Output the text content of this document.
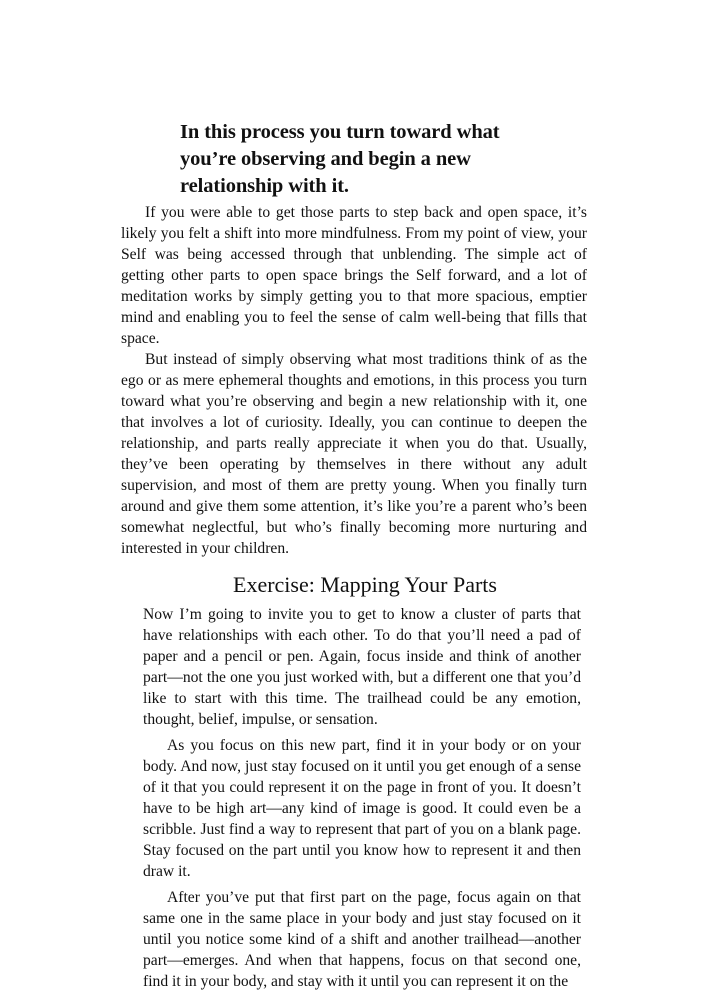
In this process you turn toward what
you’re observing and begin a new
relationship with it.

If you were able to get those parts to step back and open space, it’s likely you felt a shift into more mindfulness. From my point of view, your Self was being accessed through that unblending. The simple act of getting other parts to open space brings the Self forward, and a lot of meditation works by simply getting you to that more spacious, emptier mind and enabling you to feel the sense of calm well-being that fills that space.

But instead of simply observing what most traditions think of as the ego or as mere ephemeral thoughts and emotions, in this process you turn toward what you’re observing and begin a new relationship with it, one that involves a lot of curiosity. Ideally, you can continue to deepen the relationship, and parts really appreciate it when you do that. Usually, they’ve been operating by themselves in there without any adult supervision, and most of them are pretty young. When you finally turn around and give them some attention, it’s like you’re a parent who’s been somewhat neglectful, but who’s finally becoming more nurturing and interested in your children.

Exercise: Mapping Your Parts

Now I’m going to invite you to get to know a cluster of parts that have relationships with each other. To do that you’ll need a pad of paper and a pencil or pen. Again, focus inside and think of another part—not the one you just worked with, but a different one that you’d like to start with this time. The trailhead could be any emotion, thought, belief, impulse, or sensation.

As you focus on this new part, find it in your body or on your body. And now, just stay focused on it until you get enough of a sense of it that you could represent it on the page in front of you. It doesn’t have to be high art—any kind of image is good. It could even be a scribble. Just find a way to represent that part of you on a blank page. Stay focused on the part until you know how to represent it and then draw it.

After you’ve put that first part on the page, focus again on that same one in the same place in your body and just stay focused on it until you notice some kind of a shift and another trailhead—another part—emerges. And when that happens, focus on that second one, find it in your body, and stay with it until you can represent it on the
